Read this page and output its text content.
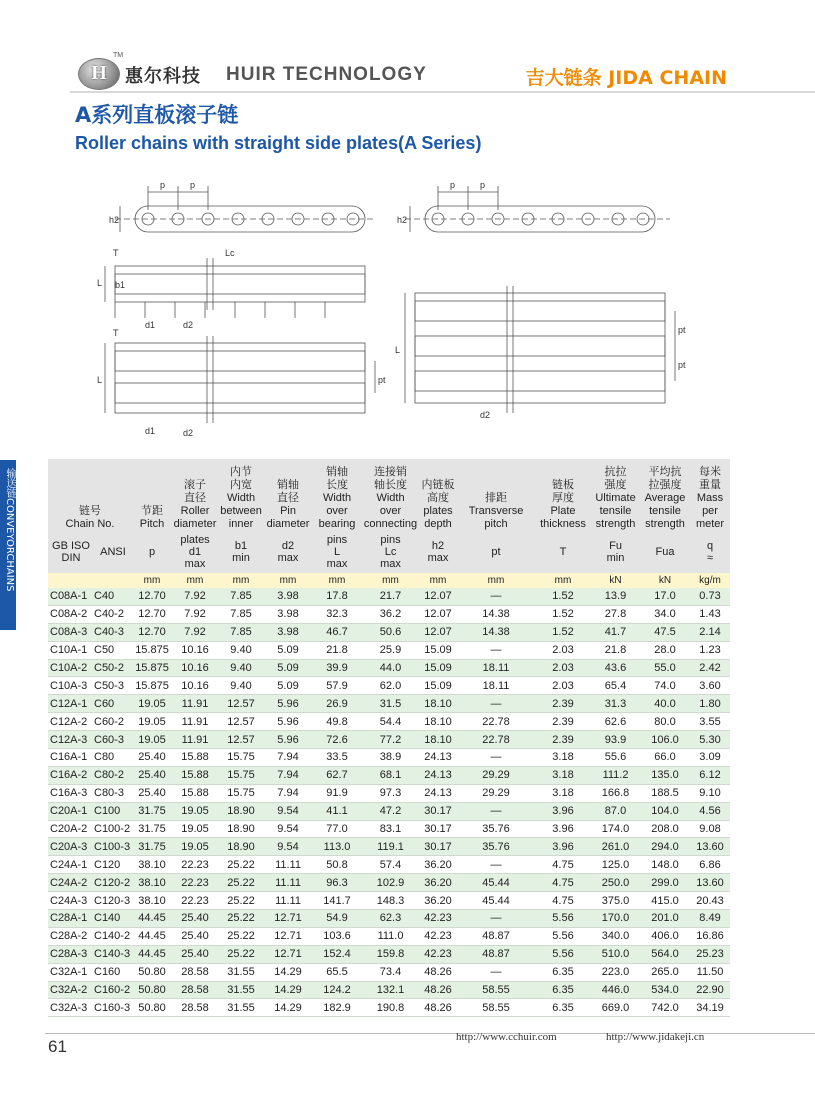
H
TM
惠尔科技 HUIR TECHNOLOGY	吉大链条 JIDA CHAIN
A系列直板滚子链
Roller chains with straight side plates(A Series)
输送链CONVEYORCHAINS
p	p	p	p
h2	h2
T
L
Lc
b1
d1	d2
T
L	pt
d1	d2
pt
pt
L
d2
链号
Chain No.		节距
Pitch	滚子
直径
Roller
diameter	内节
内宽
Width
between
inner	销轴
直径
Pin
diameter	销轴
长度
Width
over
bearing	连接销
轴长度
Width
over
connecting	内链板
高度
plates
depth	排距
Transverse
pitch	链板
厚度
Plate
thickness	抗拉
强度
Ultimate
tensile
strength	平均抗
拉强度
Average
tensile
strength	每米
重量
Mass
per
meter
GB ISO
DIN	ANSI	p	plates
d1
max	b1
min	d2
max	pins
L
max	pins
Lc
max	h2
max	pt	T	Fu
min	Fua	q
≈
		mm	mm	mm	mm	mm	mm	mm	mm	mm	kN	kN	kg/m
C08A-1	C40	12.70	7.92	7.85	3.98	17.8	21.7	12.07	—	1.52	13.9	17.0	0.73
C08A-2	C40-2	12.70	7.92	7.85	3.98	32.3	36.2	12.07	14.38	1.52	27.8	34.0	1.43
C08A-3	C40-3	12.70	7.92	7.85	3.98	46.7	50.6	12.07	14.38	1.52	41.7	47.5	2.14
C10A-1	C50	15.875	10.16	9.40	5.09	21.8	25.9	15.09	—	2.03	21.8	28.0	1.23
C10A-2	C50-2	15.875	10.16	9.40	5.09	39.9	44.0	15.09	18.11	2.03	43.6	55.0	2.42
C10A-3	C50-3	15.875	10.16	9.40	5.09	57.9	62.0	15.09	18.11	2.03	65.4	74.0	3.60
C12A-1	C60	19.05	11.91	12.57	5.96	26.9	31.5	18.10	—	2.39	31.3	40.0	1.80
C12A-2	C60-2	19.05	11.91	12.57	5.96	49.8	54.4	18.10	22.78	2.39	62.6	80.0	3.55
C12A-3	C60-3	19.05	11.91	12.57	5.96	72.6	77.2	18.10	22.78	2.39	93.9	106.0	5.30
C16A-1	C80	25.40	15.88	15.75	7.94	33.5	38.9	24.13	—	3.18	55.6	66.0	3.09
C16A-2	C80-2	25.40	15.88	15.75	7.94	62.7	68.1	24.13	29.29	3.18	111.2	135.0	6.12
C16A-3	C80-3	25.40	15.88	15.75	7.94	91.9	97.3	24.13	29.29	3.18	166.8	188.5	9.10
C20A-1	C100	31.75	19.05	18.90	9.54	41.1	47.2	30.17	—	3.96	87.0	104.0	4.56
C20A-2	C100-2	31.75	19.05	18.90	9.54	77.0	83.1	30.17	35.76	3.96	174.0	208.0	9.08
C20A-3	C100-3	31.75	19.05	18.90	9.54	113.0	119.1	30.17	35.76	3.96	261.0	294.0	13.60
C24A-1	C120	38.10	22.23	25.22	11.11	50.8	57.4	36.20	—	4.75	125.0	148.0	6.86
C24A-2	C120-2	38.10	22.23	25.22	11.11	96.3	102.9	36.20	45.44	4.75	250.0	299.0	13.60
C24A-3	C120-3	38.10	22.23	25.22	11.11	141.7	148.3	36.20	45.44	4.75	375.0	415.0	20.43
C28A-1	C140	44.45	25.40	25.22	12.71	54.9	62.3	42.23	—	5.56	170.0	201.0	8.49
C28A-2	C140-2	44.45	25.40	25.22	12.71	103.6	111.0	42.23	48.87	5.56	340.0	406.0	16.86
C28A-3	C140-3	44.45	25.40	25.22	12.71	152.4	159.8	42.23	48.87	5.56	510.0	564.0	25.23
C32A-1	C160	50.80	28.58	31.55	14.29	65.5	73.4	48.26	—	6.35	223.0	265.0	11.50
C32A-2	C160-2	50.80	28.58	31.55	14.29	124.2	132.1	48.26	58.55	6.35	446.0	534.0	22.90
C32A-3	C160-3	50.80	28.58	31.55	14.29	182.9	190.8	48.26	58.55	6.35	669.0	742.0	34.19
61	http://www.cchuir.com	http://www.jidakeji.cn
